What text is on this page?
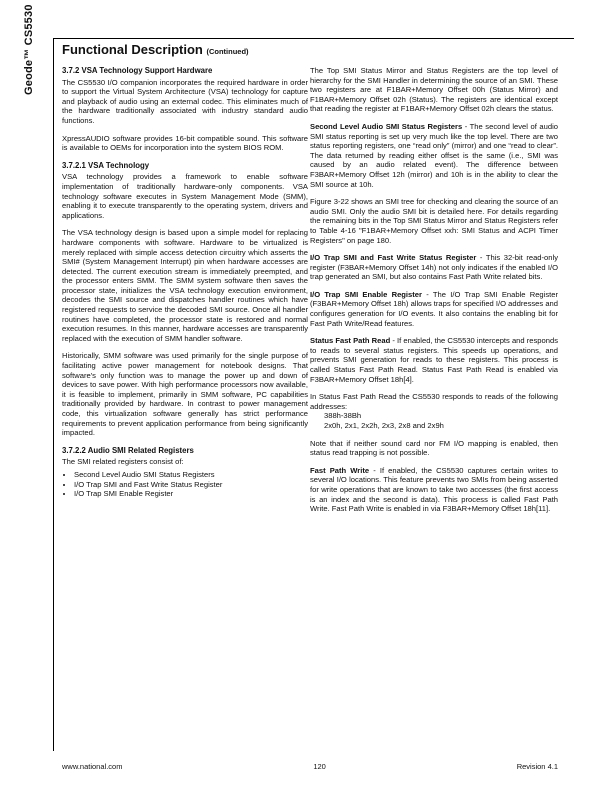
Geode™ CS5530 Functional Description (Continued)
3.7.2 VSA Technology Support Hardware

The CS5530 I/O companion incorporates the required hardware in order to support the Virtual System Architecture (VSA) technology for capture and playback of audio using an external codec. This eliminates much of the hardware traditionally associated with industry standard audio functions.

XpressAUDIO software provides 16-bit compatible sound. This software is available to OEMs for incorporation into the system BIOS ROM.

3.7.2.1 VSA Technology

VSA technology provides a framework to enable software implementation of traditionally hardware-only components. VSA technology software executes in System Management Mode (SMM), enabling it to execute transparently to the operating system, drivers and applications.

The VSA technology design is based upon a simple model for replacing hardware components with software. Hardware to be virtualized is merely replaced with simple access detection circuitry which asserts the SMI# (System Management Interrupt) pin when hardware accesses are detected. The current execution stream is immediately preempted, and the processor enters SMM. The SMM system software then saves the processor state, initializes the VSA technology execution environment, decodes the SMI source and dispatches handler routines which have registered requests to service the decoded SMI source. Once all handler routines have completed, the processor state is restored and normal execution resumes. In this manner, hardware accesses are transparently replaced with the execution of SMM handler software.

Historically, SMM software was used primarily for the single purpose of facilitating active power management for notebook designs. That software's only function was to manage the power up and down of devices to save power. With high performance processors now available, it is feasible to implement, primarily in SMM software, PC capabilities traditionally provided by hardware. In contrast to power management code, this virtualization software generally has strict performance requirements to prevent application performance from being significantly impacted.

3.7.2.2 Audio SMI Related Registers

The SMI related registers consist of:

• Second Level Audio SMI Status Registers
• I/O Trap SMI and Fast Write Status Register
• I/O Trap SMI Enable Register

The Top SMI Status Mirror and Status Registers are the top level of hierarchy for the SMI Handler in determining the source of an SMI. These two registers are at F1BAR+Memory Offset 00h (Status Mirror) and F1BAR+Memory Offset 02h (Status). The registers are identical except that reading the register at F1BAR+Memory Offset 02h clears the status.

Second Level Audio SMI Status Registers - The second level of audio SMI status reporting is set up very much like the top level. There are two status reporting registers, one “read only” (mirror) and one “read to clear”. The data returned by reading either offset is the same (i.e., SMI was caused by an audio related event). The difference between F3BAR+Memory Offset 12h (mirror) and 10h is in the ability to clear the SMI source at 10h.

Figure 3-22 shows an SMI tree for checking and clearing the source of an audio SMI. Only the audio SMI bit is detailed here. For details regarding the remaining bits in the Top SMI Status Mirror and Status Registers refer to Table 4-16 "F1BAR+Memory Offset xxh: SMI Status and ACPI Timer Registers" on page 180.

I/O Trap SMI and Fast Write Status Register - This 32-bit read-only register (F3BAR+Memory Offset 14h) not only indicates if the enabled I/O trap generated an SMI, but also contains Fast Path Write related bits.

I/O Trap SMI Enable Register - The I/O Trap SMI Enable Register (F3BAR+Memory Offset 18h) allows traps for specified I/O addresses and configures generation for I/O events. It also contains the enabling bit for Fast Path Write/Read features.

Status Fast Path Read - If enabled, the CS5530 intercepts and responds to reads to several status registers. This speeds up operations, and prevents SMI generation for reads to these registers. This process is called Status Fast Path Read. Status Fast Path Read is enabled via F3BAR+Memory Offset 18h[4].

In Status Fast Path Read the CS5530 responds to reads of the following addresses:

388h-38Bh
2x0h, 2x1, 2x2h, 2x3, 2x8 and 2x9h

Note that if neither sound card nor FM I/O mapping is enabled, then status read trapping is not possible.

Fast Path Write - If enabled, the CS5530 captures certain writes to several I/O locations. This feature prevents two SMIs from being asserted for write operations that are known to take two accesses (the first access is an index and the second is data). This process is called Fast Path Write. Fast Path Write is enabled in via F3BAR+Memory Offset 18h[11].

www.national.com	120	Revision 4.1
